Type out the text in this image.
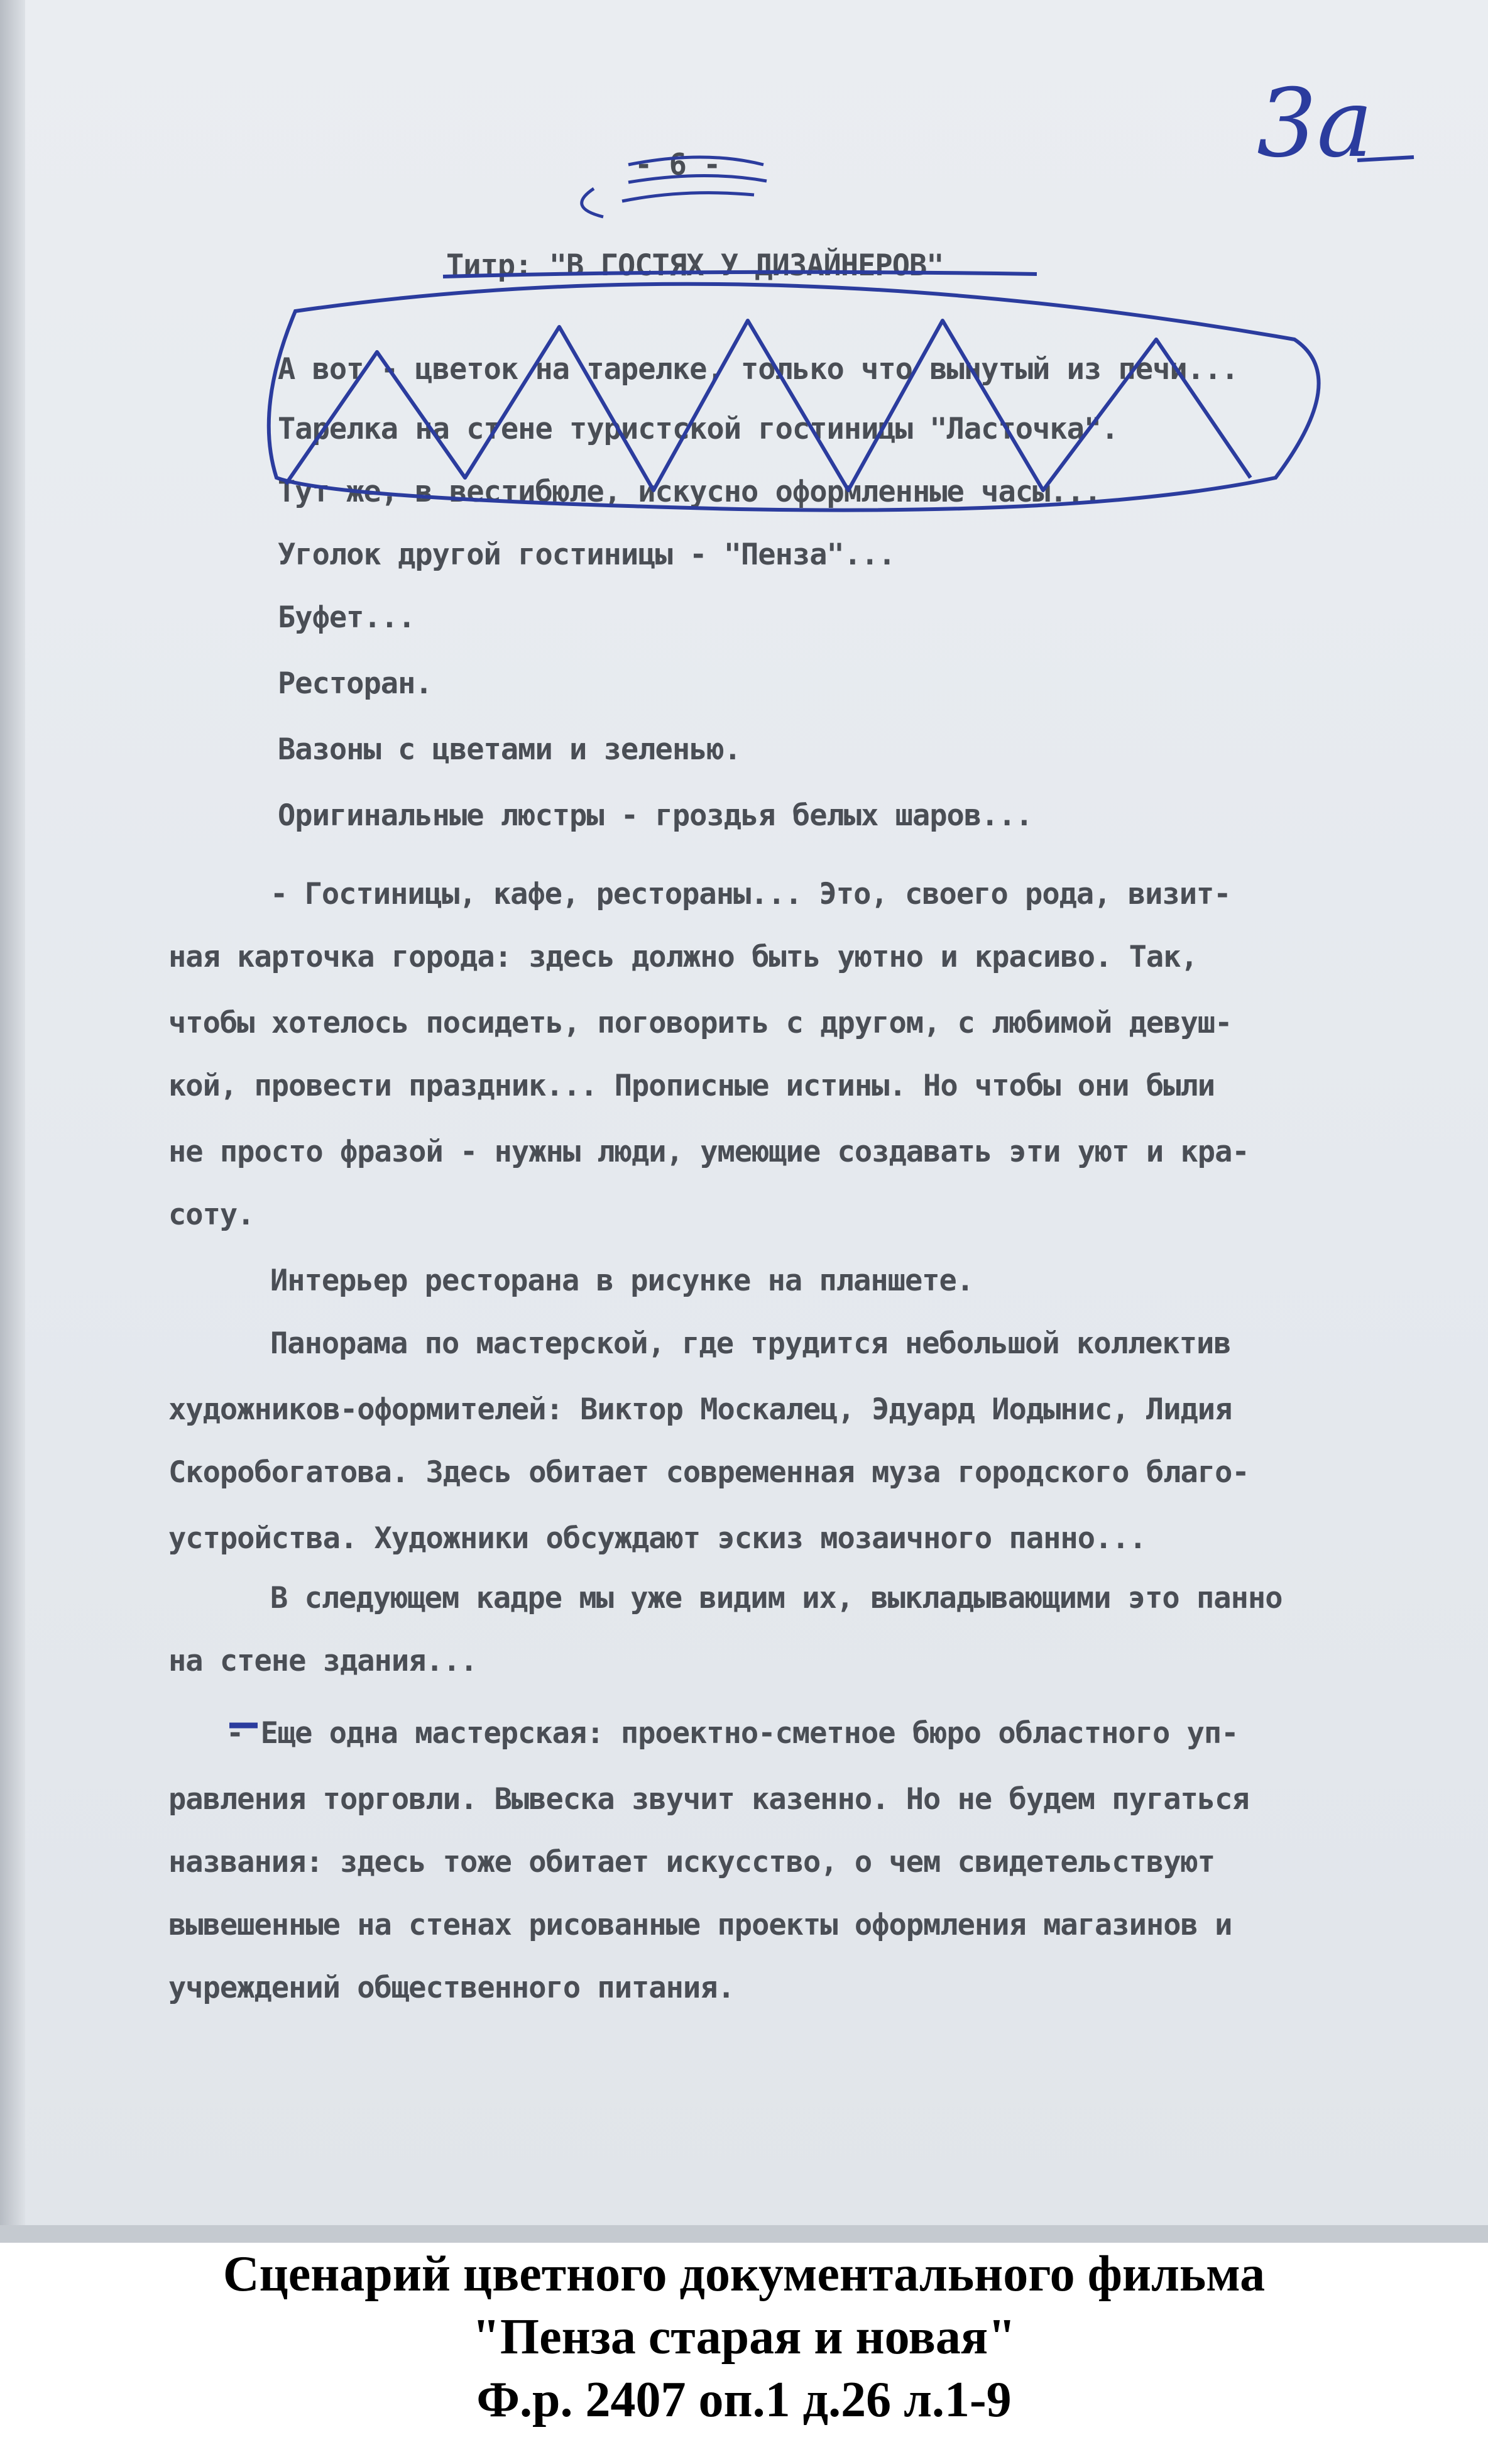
- 6 -
Титр: "В ГОСТЯХ У ДИЗАЙНЕРОВ"
А вот - цветок на тарелке, только что вынутый из печи...
Тарелка на стене туристской гостиницы "Ласточка".
Тут же, в вестибюле, искусно оформленные часы...
Уголок другой гостиницы - "Пенза"...
Буфет...
Ресторан.
Вазоны с цветами и зеленью.
Оригинальные люстры - гроздья белых шаров...
- Гостиницы, кафе, рестораны... Это, своего рода, визит-
ная карточка города: здесь должно быть уютно и красиво. Так,
чтобы хотелось посидеть, поговорить с другом, с любимой девуш-
кой, провести праздник... Прописные истины. Но чтобы они были
не просто фразой - нужны люди, умеющие создавать эти уют и кра-
соту.
Интерьер ресторана в рисунке на планшете.
Панорама по мастерской, где трудится небольшой коллектив
художников-оформителей: Виктор Москалец, Эдуард Иодынис, Лидия
Скоробогатова. Здесь обитает современная муза городского благо-
устройства. Художники обсуждают эскиз мозаичного панно...
В следующем кадре мы уже видим их, выкладывающими это панно
на стене здания...
- Еще одна мастерская: проектно-сметное бюро областного уп-
равления торговли. Вывеска звучит казенно. Но не будем пугаться
названия: здесь тоже обитает искусство, о чем свидетельствуют
вывешенные на стенах рисованные проекты оформления магазинов и
учреждений общественного питания.
3а
Сценарий цветного документального фильма
"Пенза старая и новая"
Ф.р. 2407 оп.1 д.26 л.1-9
